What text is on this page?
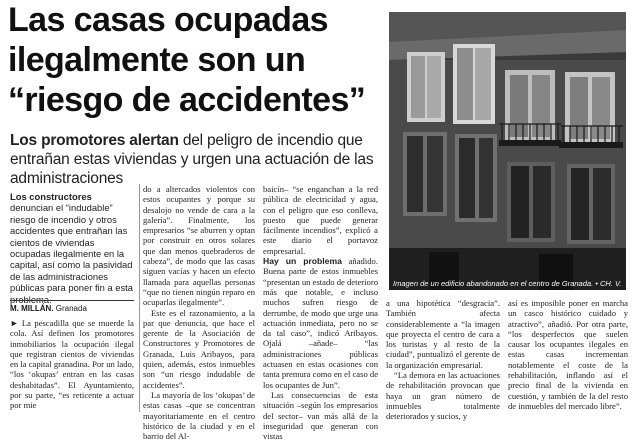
Las casas ocupadas
ilegalmente son un
“riesgo de accidentes”
Los promotores alertan del peligro de incendio que entrañan estas viviendas y urgen una actuación de las administraciones
Imagen de un edificio abandonado en el centro de Granada. • CH. V.
Los constructores denuncian el “indudable” riesgo de incendio y otros accidentes que entrañan las cientos de viviendas ocupadas ilegalmente en la capital, así como la pasividad de las administraciones públicas para poner fin a esta problema.
M. MILLÁN. Granada

► La pescadilla que se muerde la cola. Así definen los promotores inmobiliarios la ocupación ilegal que registran cientos de viviendas en la capital granadina. Por un lado, “los ‘okupas’ entran en las casas deshabitadas”. El Ayuntamiento, por su parte, “es reticente a actuar por mie

do a altercados violentos con estos ocupantes y porque su desalojo no vende de cara a la galería”. Finalmente, los empresarios “se aburren y optan por construir en otros solares que dan menos quebraderos de cabeza”, de modo que las casas siguen vacías y hacen un efecto llamada para aquellas personas “que no tienen ningún reparo en ocuparlas ilegalmente”.

Este es el razonamiento, a la par que denuncia, que hace el gerente de la Asociación de Constructores y Promotores de Granada, Luis Aribayos, para quien, además, estos inmuebles son “un riesgo indudable de accidentes”.

La mayoría de los ‘okupas’ de estas casas –que se concentran mayoritariamente en el centro histórico de la ciudad y en el barrio del Al-

baicín– “se enganchan a la red pública de electricidad y agua, con el peligro que eso conlleva, puesto que puede generar fácilmente incendios”, explicó a este diario el portavoz empresarial.

Hay un problema añadido. Buena parte de estos inmuebles “presentan un estado de deterioro más que notable, e incluso muchos sufren riesgo de derrumbe, de modo que urge una actuación inmediata, pero no se da tal caso”, indicó Aribayos. Ojalá –añade– “las administraciones públicas actuasen en estas ocasiones con tanta premura como en el caso de los ocupantes de Jun”.

Las consecuencias de esta situación –según los empresarios del sector– van más allá de la inseguridad que generan con vistas

a una hipotética “desgracia”. También afecta considerablemente a “la imagen que proyecta el centro de cara a los turistas y al resto de la ciudad”, puntualizó el gerente de la organización empresarial.

“La demora en las actuaciones de rehabilitación provocan que haya un gran número de inmuebles totalmente deteriorados y sucios, y

así es imposible poner en marcha un casco histórico cuidado y atractivo”, añadió. Por otra parte, “los desperfectos que suelen causar los ocupantes ilegales en estas casas incrementan notablemente el coste de la rehabilitación, inflando así el precio final de la vivienda en cuestión, y también de la del resto de inmuebles del mercado libre”.
